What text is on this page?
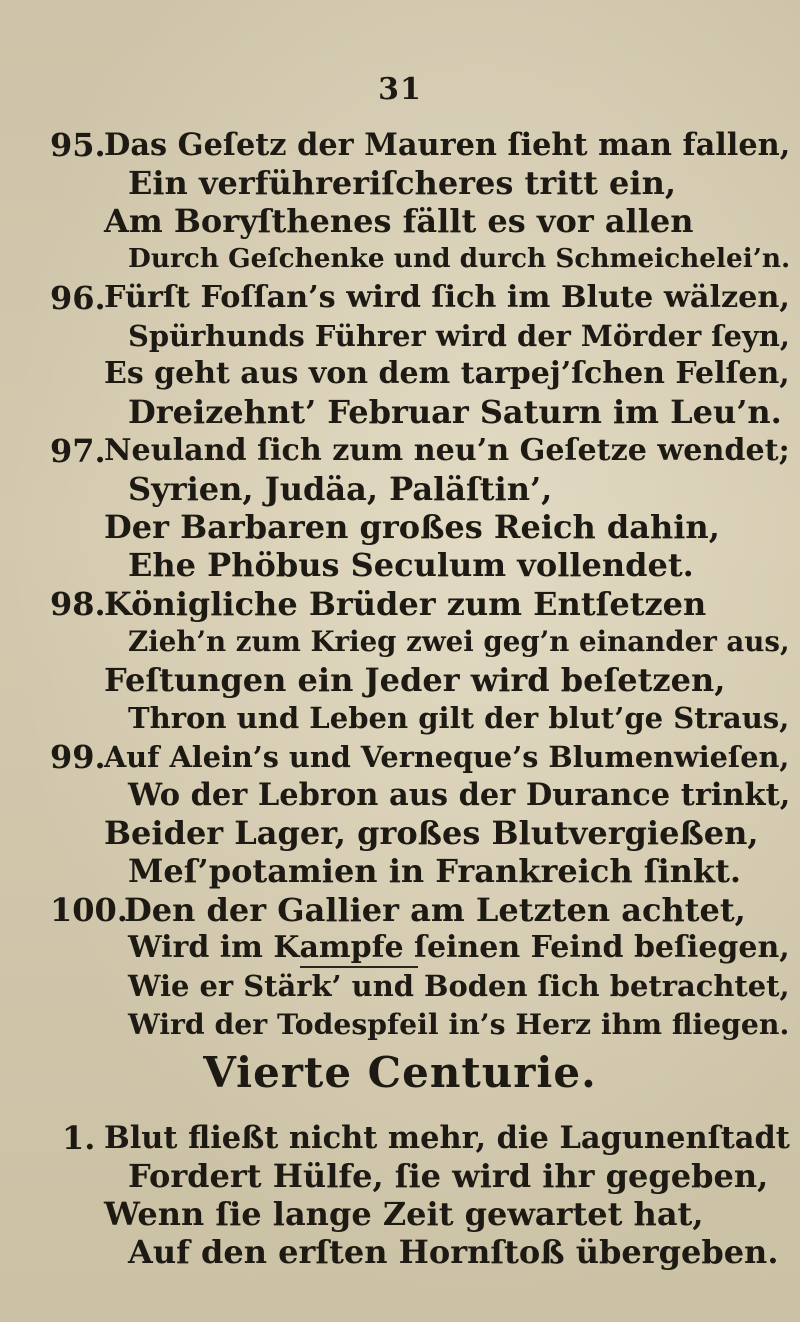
31
95.
Das Geſetz der Mauren ſieht man fallen,
Ein verführeriſcheres tritt ein,
Am Boryſthenes fällt es vor allen
Durch Geſchenke und durch Schmeichelei’n.
96.
Fürſt Foſſan’s wird ſich im Blute wälzen,
Spürhunds Führer wird der Mörder ſeyn,
Es geht aus von dem tarpej’ſchen Felſen,
Dreizehnt’ Februar Saturn im Leu’n.
97.
Neuland ſich zum neu’n Geſetze wendet;
Syrien, Judäa, Paläſtin’,
Der Barbaren großes Reich dahin,
Ehe Phöbus Seculum vollendet.
98.
Königliche Brüder zum Entſetzen
Zieh’n zum Krieg zwei geg’n einander aus,
Feſtungen ein Jeder wird beſetzen,
Thron und Leben gilt der blut’ge Straus,
99.
Auf Alein’s und Verneque’s Blumenwieſen,
Wo der Lebron aus der Durance trinkt,
Beider Lager, großes Blutvergießen,
Meſ’potamien in Frankreich ſinkt.
100.
Den der Gallier am Letzten achtet,
Wird im Kampfe ſeinen Feind beſiegen,
Wie er Stärk’ und Boden ſich betrachtet,
Wird der Todespfeil in’s Herz ihm fliegen.
Vierte Centurie.
1. Blut fließt nicht mehr, die Lagunenſtadt
Fordert Hülfe, ſie wird ihr gegeben,
Wenn ſie lange Zeit gewartet hat,
Auf den erſten Hornſtoß übergeben.
